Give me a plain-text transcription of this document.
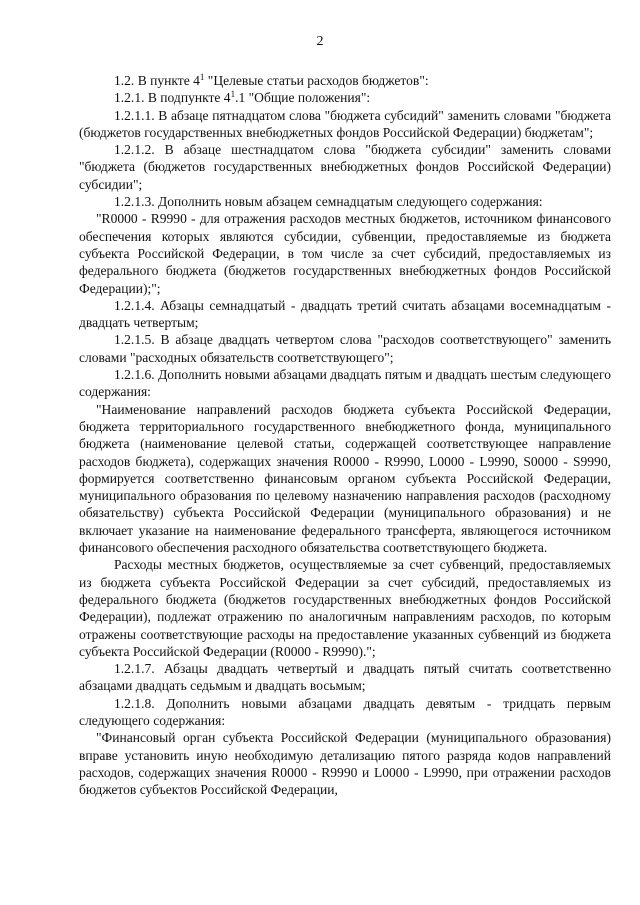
2

1.2. В пункте $4^1$ "Целевые статьи расходов бюджетов":

1.2.1. В подпункте $4^1.1$ "Общие положения":

1.2.1.1. В абзаце пятнадцатом слова "бюджета субсидий" заменить словами "бюджета (бюджетов государственных внебюджетных фондов Российской Федерации) бюджетам";

1.2.1.2. В абзаце шестнадцатом слова "бюджета субсидии" заменить словами "бюджета (бюджетов государственных внебюджетных фондов Российской Федерации) субсидии";

1.2.1.3. Дополнить новым абзацем семнадцатым следующего содержания:

"R0000 - R9990 - для отражения расходов местных бюджетов, источником финансового обеспечения которых являются субсидии, субвенции, предоставляемые из бюджета субъекта Российской Федерации, в том числе за счет субсидий, предоставляемых из федерального бюджета (бюджетов государственных внебюджетных фондов Российской Федерации);";

1.2.1.4. Абзацы семнадцатый - двадцать третий считать абзацами восемнадцатым - двадцать четвертым;

1.2.1.5. В абзаце двадцать четвертом слова "расходов соответствующего" заменить словами "расходных обязательств соответствующего";

1.2.1.6. Дополнить новыми абзацами двадцать пятым и двадцать шестым следующего содержания:

"Наименование направлений расходов бюджета субъекта Российской Федерации, бюджета территориального государственного внебюджетного фонда, муниципального бюджета (наименование целевой статьи, содержащей соответствующее направление расходов бюджета), содержащих значения R0000 - R9990, L0000 - L9990, S0000 - S9990, формируется соответственно финансовым органом субъекта Российской Федерации, муниципального образования по целевому назначению направления расходов (расходному обязательству) субъекта Российской Федерации (муниципального образования) и не включает указание на наименование федерального трансферта, являющегося источником финансового обеспечения расходного обязательства соответствующего бюджета.

Расходы местных бюджетов, осуществляемые за счет субвенций, предоставляемых из бюджета субъекта Российской Федерации за счет субсидий, предоставляемых из федерального бюджета (бюджетов государственных внебюджетных фондов Российской Федерации), подлежат отражению по аналогичным направлениям расходов, по которым отражены соответствующие расходы на предоставление указанных субвенций из бюджета субъекта Российской Федерации (R0000 - R9990).";

1.2.1.7. Абзацы двадцать четвертый и двадцать пятый считать соответственно абзацами двадцать седьмым и двадцать восьмым;

1.2.1.8. Дополнить новыми абзацами двадцать девятым - тридцать первым следующего содержания:

"Финансовый орган субъекта Российской Федерации (муниципального образования) вправе установить иную необходимую детализацию пятого разряда кодов направлений расходов, содержащих значения R0000 - R9990 и L0000 - L9990, при отражении расходов бюджетов субъектов Российской Федерации,
